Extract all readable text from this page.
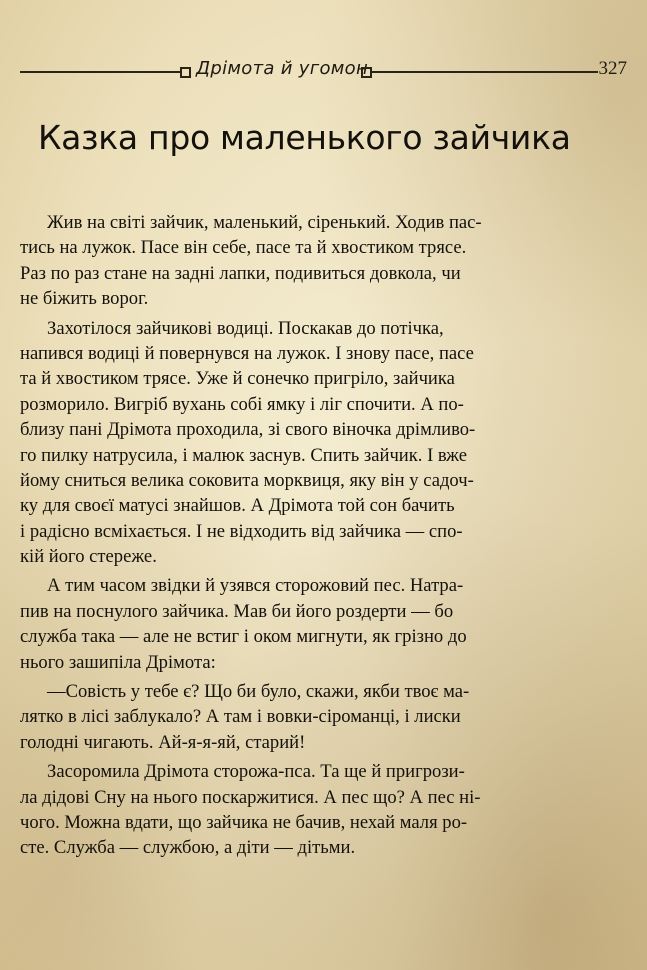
Дрімота й угомон	327
Казка про маленького зайчика
Жив на світі зайчик, маленький, сіренький. Ходив пас-
тись на лужок. Пасе він себе, пасе та й хвостиком трясе.
Раз по раз стане на задні лапки, подивиться довкола, чи
не біжить ворог.
Захотілося зайчикові водиці. Поскакав до потічка,
напився водиці й повернувся на лужок. І знову пасе, пасе
та й хвостиком трясе. Уже й сонечко пригріло, зайчика
розморило. Вигріб вухань собі ямку і ліг спочити. А по-
близу пані Дрімота проходила, зі свого віночка дрімливо-
го пилку натрусила, і малюк заснув. Спить зайчик. І вже
йому сниться велика соковита морквиця, яку він у садоч-
ку для своєї матусі знайшов. А Дрімота той сон бачить
і радісно всміхається. І не відходить від зайчика — спо-
кій його стереже.
А тим часом звідки й узявся сторожовий пес. Натра-
пив на поснулого зайчика. Мав би його роздерти — бо
служба така — але не встиг і оком мигнути, як грізно до
нього зашипіла Дрімота:
—Совість у тебе є? Що би було, скажи, якби твоє ма-
лятко в лісі заблукало? А там і вовки-сіроманці, і лиски
голодні чигають. Ай-я-я-яй, старий!
Засоромила Дрімота сторожа-пса. Та ще й пригрози-
ла дідові Сну на нього поскаржитися. А пес що? А пес ні-
чого. Можна вдати, що зайчика не бачив, нехай маля ро-
сте. Служба — службою, а діти — дітьми.
